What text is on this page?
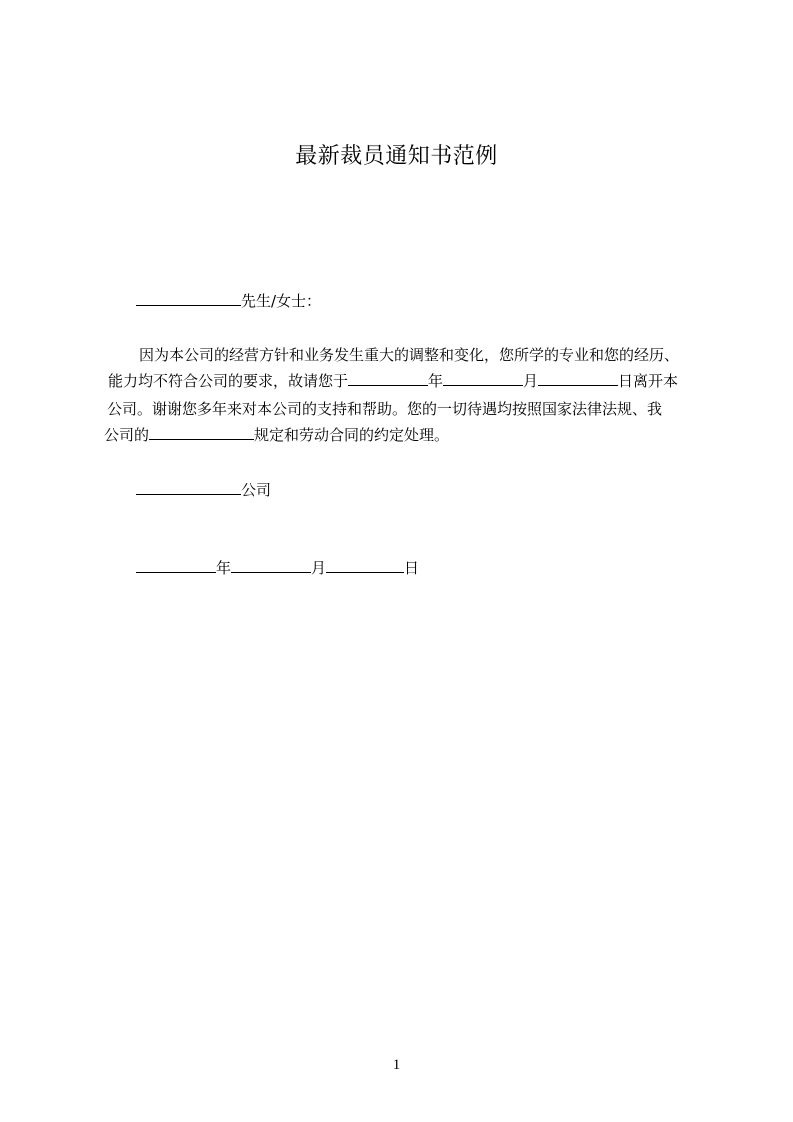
最新裁员通知书范例
先生/女士：
因为本公司的经营方针和业务发生重大的调整和变化，您所学的专业和您的经历、
能力均不符合公司的要求，故请您于	年	月	日离开本
公司。谢谢您多年来对本公司的支持和帮助。您的一切待遇均按照国家法律法规、我
公司的	规定和劳动合同的约定处理。
公司
年	月	日
1
